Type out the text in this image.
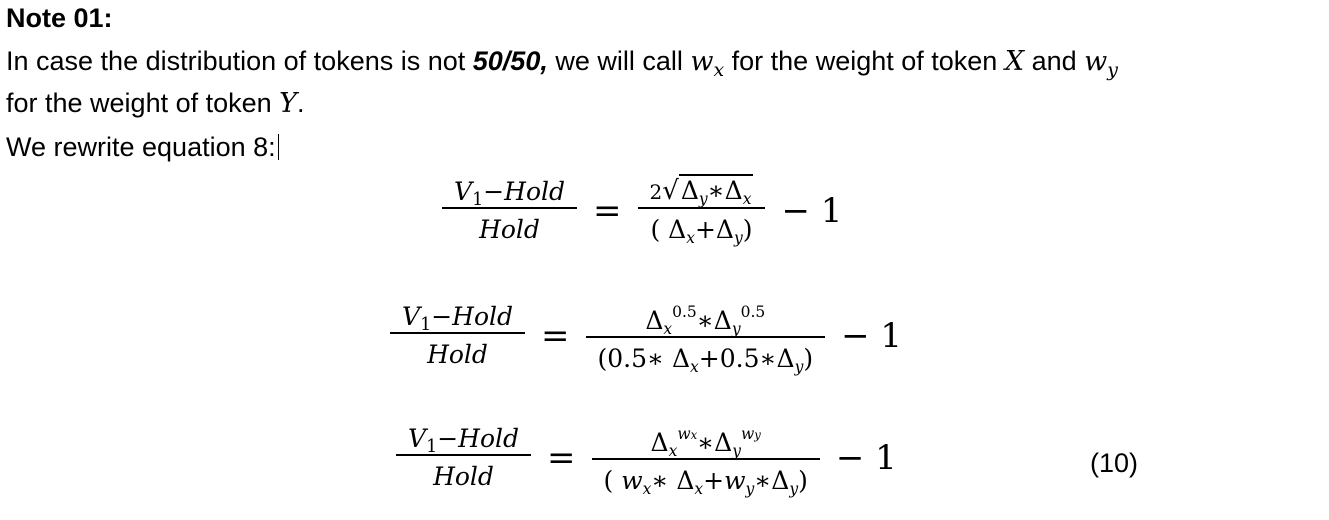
Note 01:
In case the distribution of tokens is not 50/50, we will call $w_x$ for the weight of token X and $w_y$
for the weight of token Y.
We rewrite equation 8:
$\frac{V_1-Hold}{\text{Hold}} = \frac{2√\Delta_y∗\Delta_x}{( \Delta_x+\Delta_y)} - 1$
$\frac{V_1-Hold}{\text{Hold}} = \frac{\Delta_x^{0.5}∗\Delta_y^{0.5}}{(0.5∗ \Delta_x+0.5∗\Delta_y)} - 1$
$\frac{V_1-Hold}{\text{Hold}} = \frac{\Delta_x^{wx}∗\Delta_y^{wy}}{( w_x∗ \Delta_x+w_y∗\Delta_y)} - 1$	(10)
